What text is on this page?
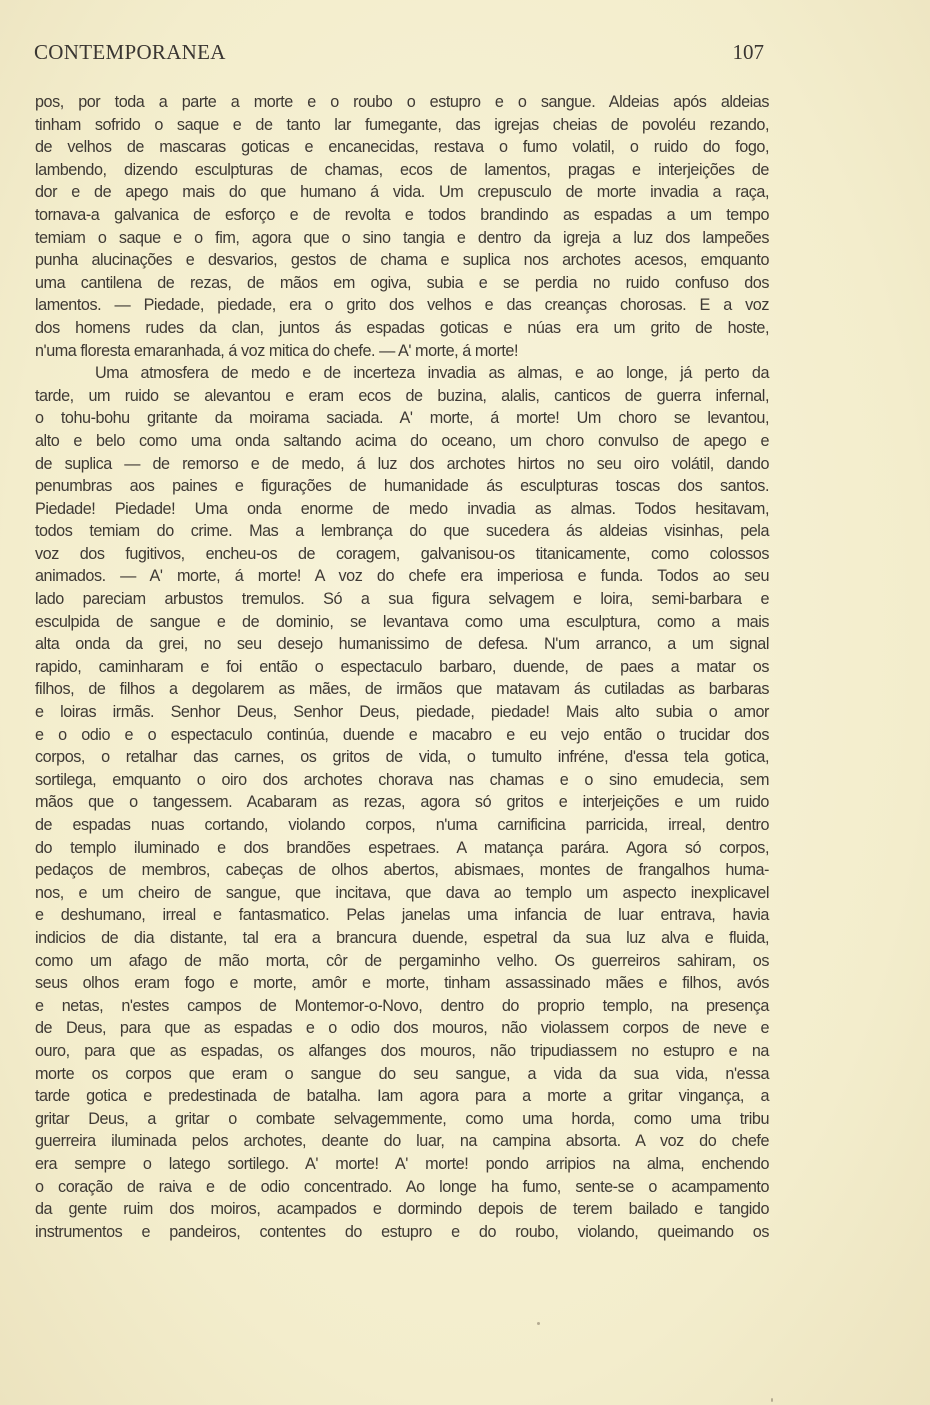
CONTEMPORANEA	107
pos, por toda a parte a morte e o roubo o estupro e o sangue. Aldeias após aldeias
tinham sofrido o saque e de tanto lar fumegante, das igrejas cheias de povoléu rezando,
de velhos de mascaras goticas e encanecidas, restava o fumo volatil, o ruido do fogo,
lambendo, dizendo esculpturas de chamas, ecos de lamentos, pragas e interjeições de
dor e de apego mais do que humano á vida. Um crepusculo de morte invadia a raça,
tornava-a galvanica de esforço e de revolta e todos brandindo as espadas a um tempo
temiam o saque e o fim, agora que o sino tangia e dentro da igreja a luz dos lampeões
punha alucinações e desvarios, gestos de chama e suplica nos archotes acesos, emquanto
uma cantilena de rezas, de mãos em ogiva, subia e se perdia no ruido confuso dos
lamentos. — Piedade, piedade, era o grito dos velhos e das creanças chorosas. E a voz
dos homens rudes da clan, juntos ás espadas goticas e núas era um grito de hoste,
n'uma floresta emaranhada, á voz mitica do chefe. — A' morte, á morte!
Uma atmosfera de medo e de incerteza invadia as almas, e ao longe, já perto da
tarde, um ruido se alevantou e eram ecos de buzina, alalis, canticos de guerra infernal,
o tohu-bohu gritante da moirama saciada. A' morte, á morte! Um choro se levantou,
alto e belo como uma onda saltando acima do oceano, um choro convulso de apego e
de suplica — de remorso e de medo, á luz dos archotes hirtos no seu oiro volátil, dando
penumbras aos paines e figurações de humanidade ás esculpturas toscas dos santos.
Piedade! Piedade! Uma onda enorme de medo invadia as almas. Todos hesitavam,
todos temiam do crime. Mas a lembrança do que sucedera ás aldeias visinhas, pela
voz dos fugitivos, encheu-os de coragem, galvanisou-os titanicamente, como colossos
animados. — A' morte, á morte! A voz do chefe era imperiosa e funda. Todos ao seu
lado pareciam arbustos tremulos. Só a sua figura selvagem e loira, semi-barbara e
esculpida de sangue e de dominio, se levantava como uma esculptura, como a mais
alta onda da grei, no seu desejo humanissimo de defesa. N'um arranco, a um signal
rapido, caminharam e foi então o espectaculo barbaro, duende, de paes a matar os
filhos, de filhos a degolarem as mães, de irmãos que matavam ás cutiladas as barbaras
e loiras irmãs. Senhor Deus, Senhor Deus, piedade, piedade! Mais alto subia o amor
e o odio e o espectaculo continúa, duende e macabro e eu vejo então o trucidar dos
corpos, o retalhar das carnes, os gritos de vida, o tumulto infréne, d'essa tela gotica,
sortilega, emquanto o oiro dos archotes chorava nas chamas e o sino emudecia, sem
mãos que o tangessem. Acabaram as rezas, agora só gritos e interjeições e um ruido
de espadas nuas cortando, violando corpos, n'uma carnificina parricida, irreal, dentro
do templo iluminado e dos brandões espetraes. A matança parára. Agora só corpos,
pedaços de membros, cabeças de olhos abertos, abismaes, montes de frangalhos huma-
nos, e um cheiro de sangue, que incitava, que dava ao templo um aspecto inexplicavel
e deshumano, irreal e fantasmatico. Pelas janelas uma infancia de luar entrava, havia
indicios de dia distante, tal era a brancura duende, espetral da sua luz alva e fluida,
como um afago de mão morta, côr de pergaminho velho. Os guerreiros sahiram, os
seus olhos eram fogo e morte, amôr e morte, tinham assassinado mães e filhos, avós
e netas, n'estes campos de Montemor-o-Novo, dentro do proprio templo, na presença
de Deus, para que as espadas e o odio dos mouros, não violassem corpos de neve e
ouro, para que as espadas, os alfanges dos mouros, não tripudiassem no estupro e na
morte os corpos que eram o sangue do seu sangue, a vida da sua vida, n'essa
tarde gotica e predestinada de batalha. Iam agora para a morte a gritar vingança, a
gritar Deus, a gritar o combate selvagemmente, como uma horda, como uma tribu
guerreira iluminada pelos archotes, deante do luar, na campina absorta. A voz do chefe
era sempre o latego sortilego. A' morte! A' morte! pondo arripios na alma, enchendo
o coração de raiva e de odio concentrado. Ao longe ha fumo, sente-se o acampamento
da gente ruim dos moiros, acampados e dormindo depois de terem bailado e tangido
instrumentos e pandeiros, contentes do estupro e do roubo, violando, queimando os
